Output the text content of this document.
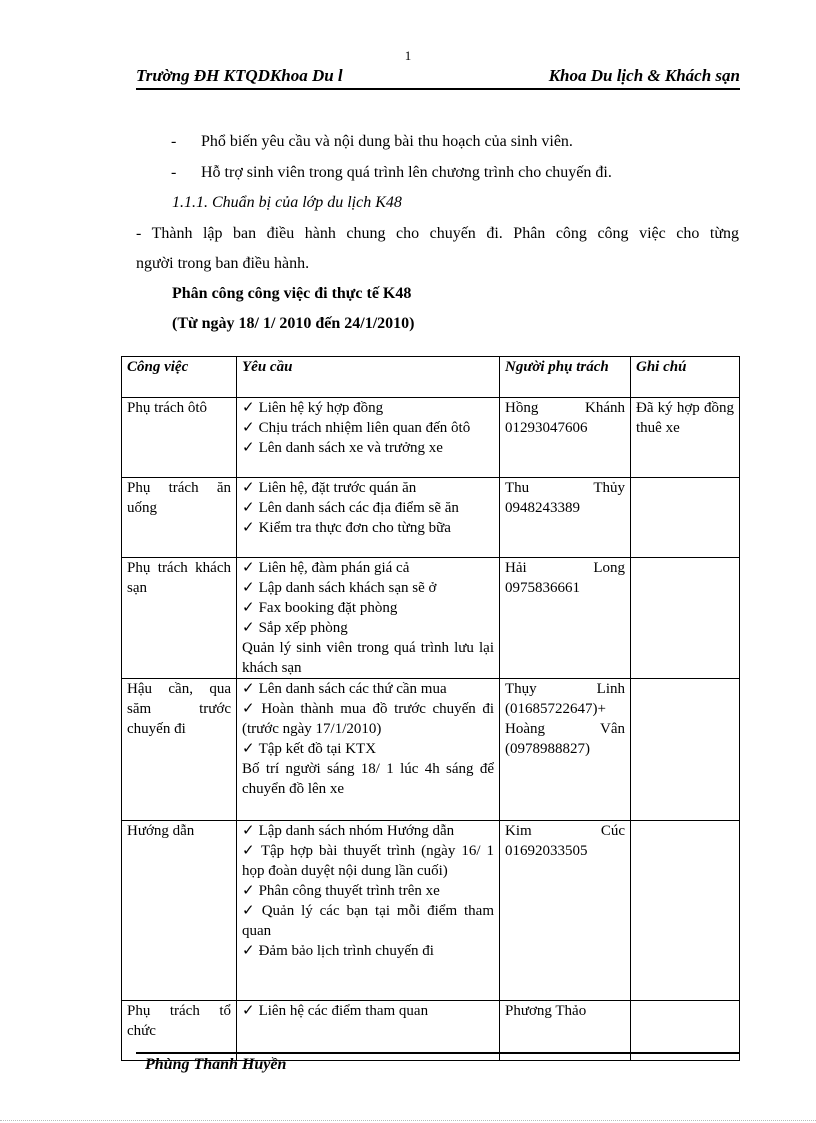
1
Trường ĐH KTQDKhoa Du l	Khoa Du lịch & Khách sạn
-	Phổ biến yêu cầu và nội dung bài thu hoạch của sinh viên.
-	Hỗ trợ sinh viên trong quá trình lên chương trình cho chuyến đi.
1.1.1. Chuẩn bị của lớp du lịch K48
- Thành lập ban điều hành chung cho chuyến đi. Phân công công việc cho từng
người trong ban điều hành.
Phân công công việc đi thực tế K48
(Từ ngày 18/ 1/ 2010 đến 24/1/2010)
Công việc	Yêu cầu	Người phụ trách	Ghi chú
Phụ trách ôtô	✓ Liên hệ ký hợp đồng
✓ Chịu trách nhiệm liên quan đến ôtô
✓ Lên danh sách xe và trưởng xe	Hồng Khánh 01293047606	Đã ký hợp đồng thuê xe
Phụ trách ăn uống	✓ Liên hệ, đặt trước quán ăn
✓ Lên danh sách các địa điểm sẽ ăn
✓ Kiểm tra thực đơn cho từng bữa	Thu Thủy 0948243389	
Phụ trách khách sạn	✓ Liên hệ, đàm phán giá cả
✓ Lập danh sách khách sạn sẽ ở
✓ Fax booking đặt phòng
✓ Sắp xếp phòng
Quản lý sinh viên trong quá trình lưu lại khách sạn	Hải Long 0975836661	
Hậu cần, qua săm trước chuyến đi	✓ Lên danh sách các thứ cần mua
✓ Hoàn thành mua đồ trước chuyến đi (trước ngày 17/1/2010)
✓ Tập kết đồ tại KTX
Bố trí người sáng 18/ 1 lúc 4h sáng để chuyển đồ lên xe	Thụy Linh (01685722647)+ Hoàng Vân (0978988827)	
Hướng dẫn	✓ Lập danh sách nhóm Hướng dẫn
✓ Tập hợp bài thuyết trình (ngày 16/ 1 họp đoàn duyệt nội dung lần cuối)
✓ Phân công thuyết trình trên xe
✓ Quản lý các bạn tại mỗi điểm tham quan
✓ Đảm bảo lịch trình chuyến đi	Kim Cúc 01692033505	
Phụ trách tổ chức	✓ Liên hệ các điểm tham quan	Phương Thảo	
Phùng Thanh Huyền
